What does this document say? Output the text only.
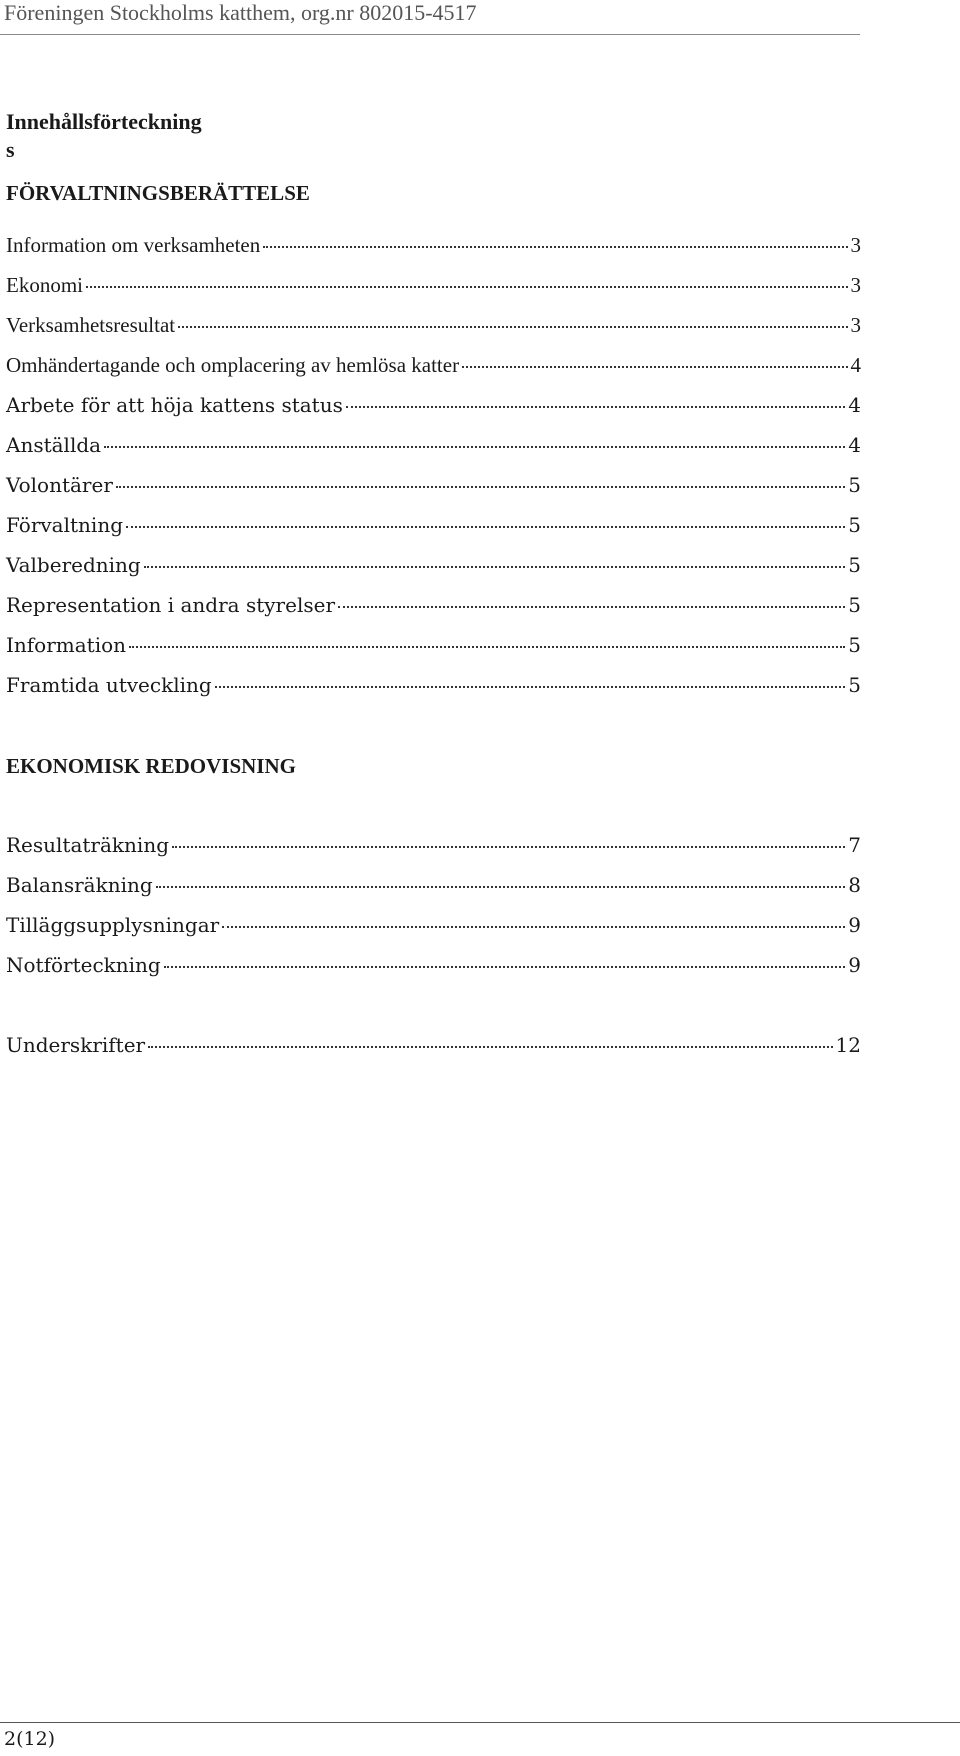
Föreningen Stockholms katthem, org.nr 802015-4517
Innehållsförteckning
s
FÖRVALTNINGSBERÄTTELSE
Information om verksamheten	3
Ekonomi	3
Verksamhetsresultat	3
Omhändertagande och omplacering av hemlösa katter	4
Arbete för att höja kattens status	4
Anställda	4
Volontärer	5
Förvaltning	5
Valberedning	5
Representation i andra styrelser	5
Information	5
Framtida utveckling	5
EKONOMISK REDOVISNING
Resultaträkning	7
Balansräkning	8
Tilläggsupplysningar	9
Notförteckning	9
Underskrifter	12
2(12)
